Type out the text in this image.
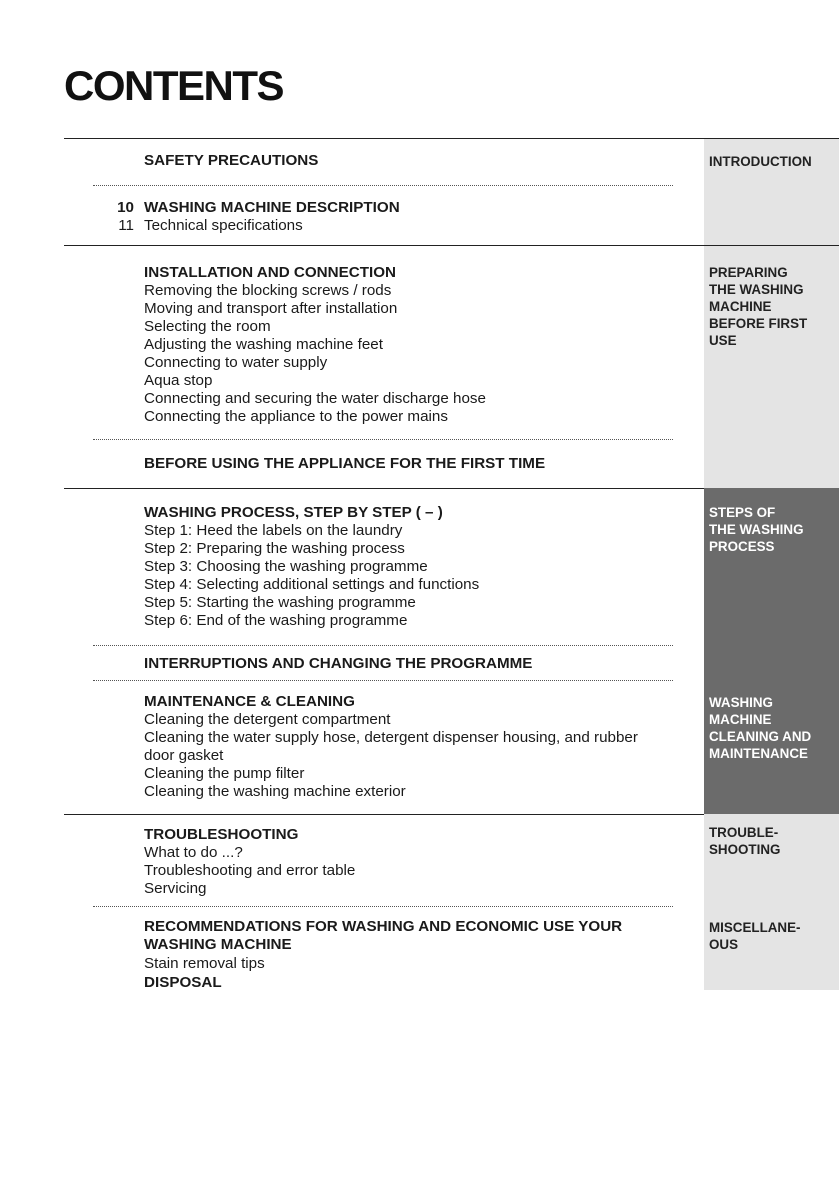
CONTENTS

INTRODUCTION

PREPARING
THE WASHING
MACHINE
BEFORE FIRST
USE

STEPS OF
THE WASHING
PROCESS

WASHING
MACHINE
CLEANING AND
MAINTENANCE

TROUBLE-
SHOOTING

MISCELLANE-
OUS

SAFETY PRECAUTIONS

10 WASHING MACHINE DESCRIPTION

11 Technical specifications

INSTALLATION AND CONNECTION

Removing the blocking screws / rods

Moving and transport after installation

Selecting the room

Adjusting the washing machine feet

Connecting to water supply

Aqua stop

Connecting and securing the water discharge hose

Connecting the appliance to the power mains

BEFORE USING THE APPLIANCE FOR THE FIRST TIME

WASHING PROCESS, STEP BY STEP ( – )

Step 1: Heed the labels on the laundry

Step 2: Preparing the washing process

Step 3: Choosing the washing programme

Step 4: Selecting additional settings and functions

Step 5: Starting the washing programme

Step 6: End of the washing programme

INTERRUPTIONS AND CHANGING THE PROGRAMME

MAINTENANCE & CLEANING

Cleaning the detergent compartment

Cleaning the water supply hose, detergent dispenser housing, and rubber

door gasket

Cleaning the pump filter

Cleaning the washing machine exterior

TROUBLESHOOTING

What to do ...?

Troubleshooting and error table

Servicing

RECOMMENDATIONS FOR WASHING AND ECONOMIC USE YOUR

WASHING MACHINE

Stain removal tips

DISPOSAL
